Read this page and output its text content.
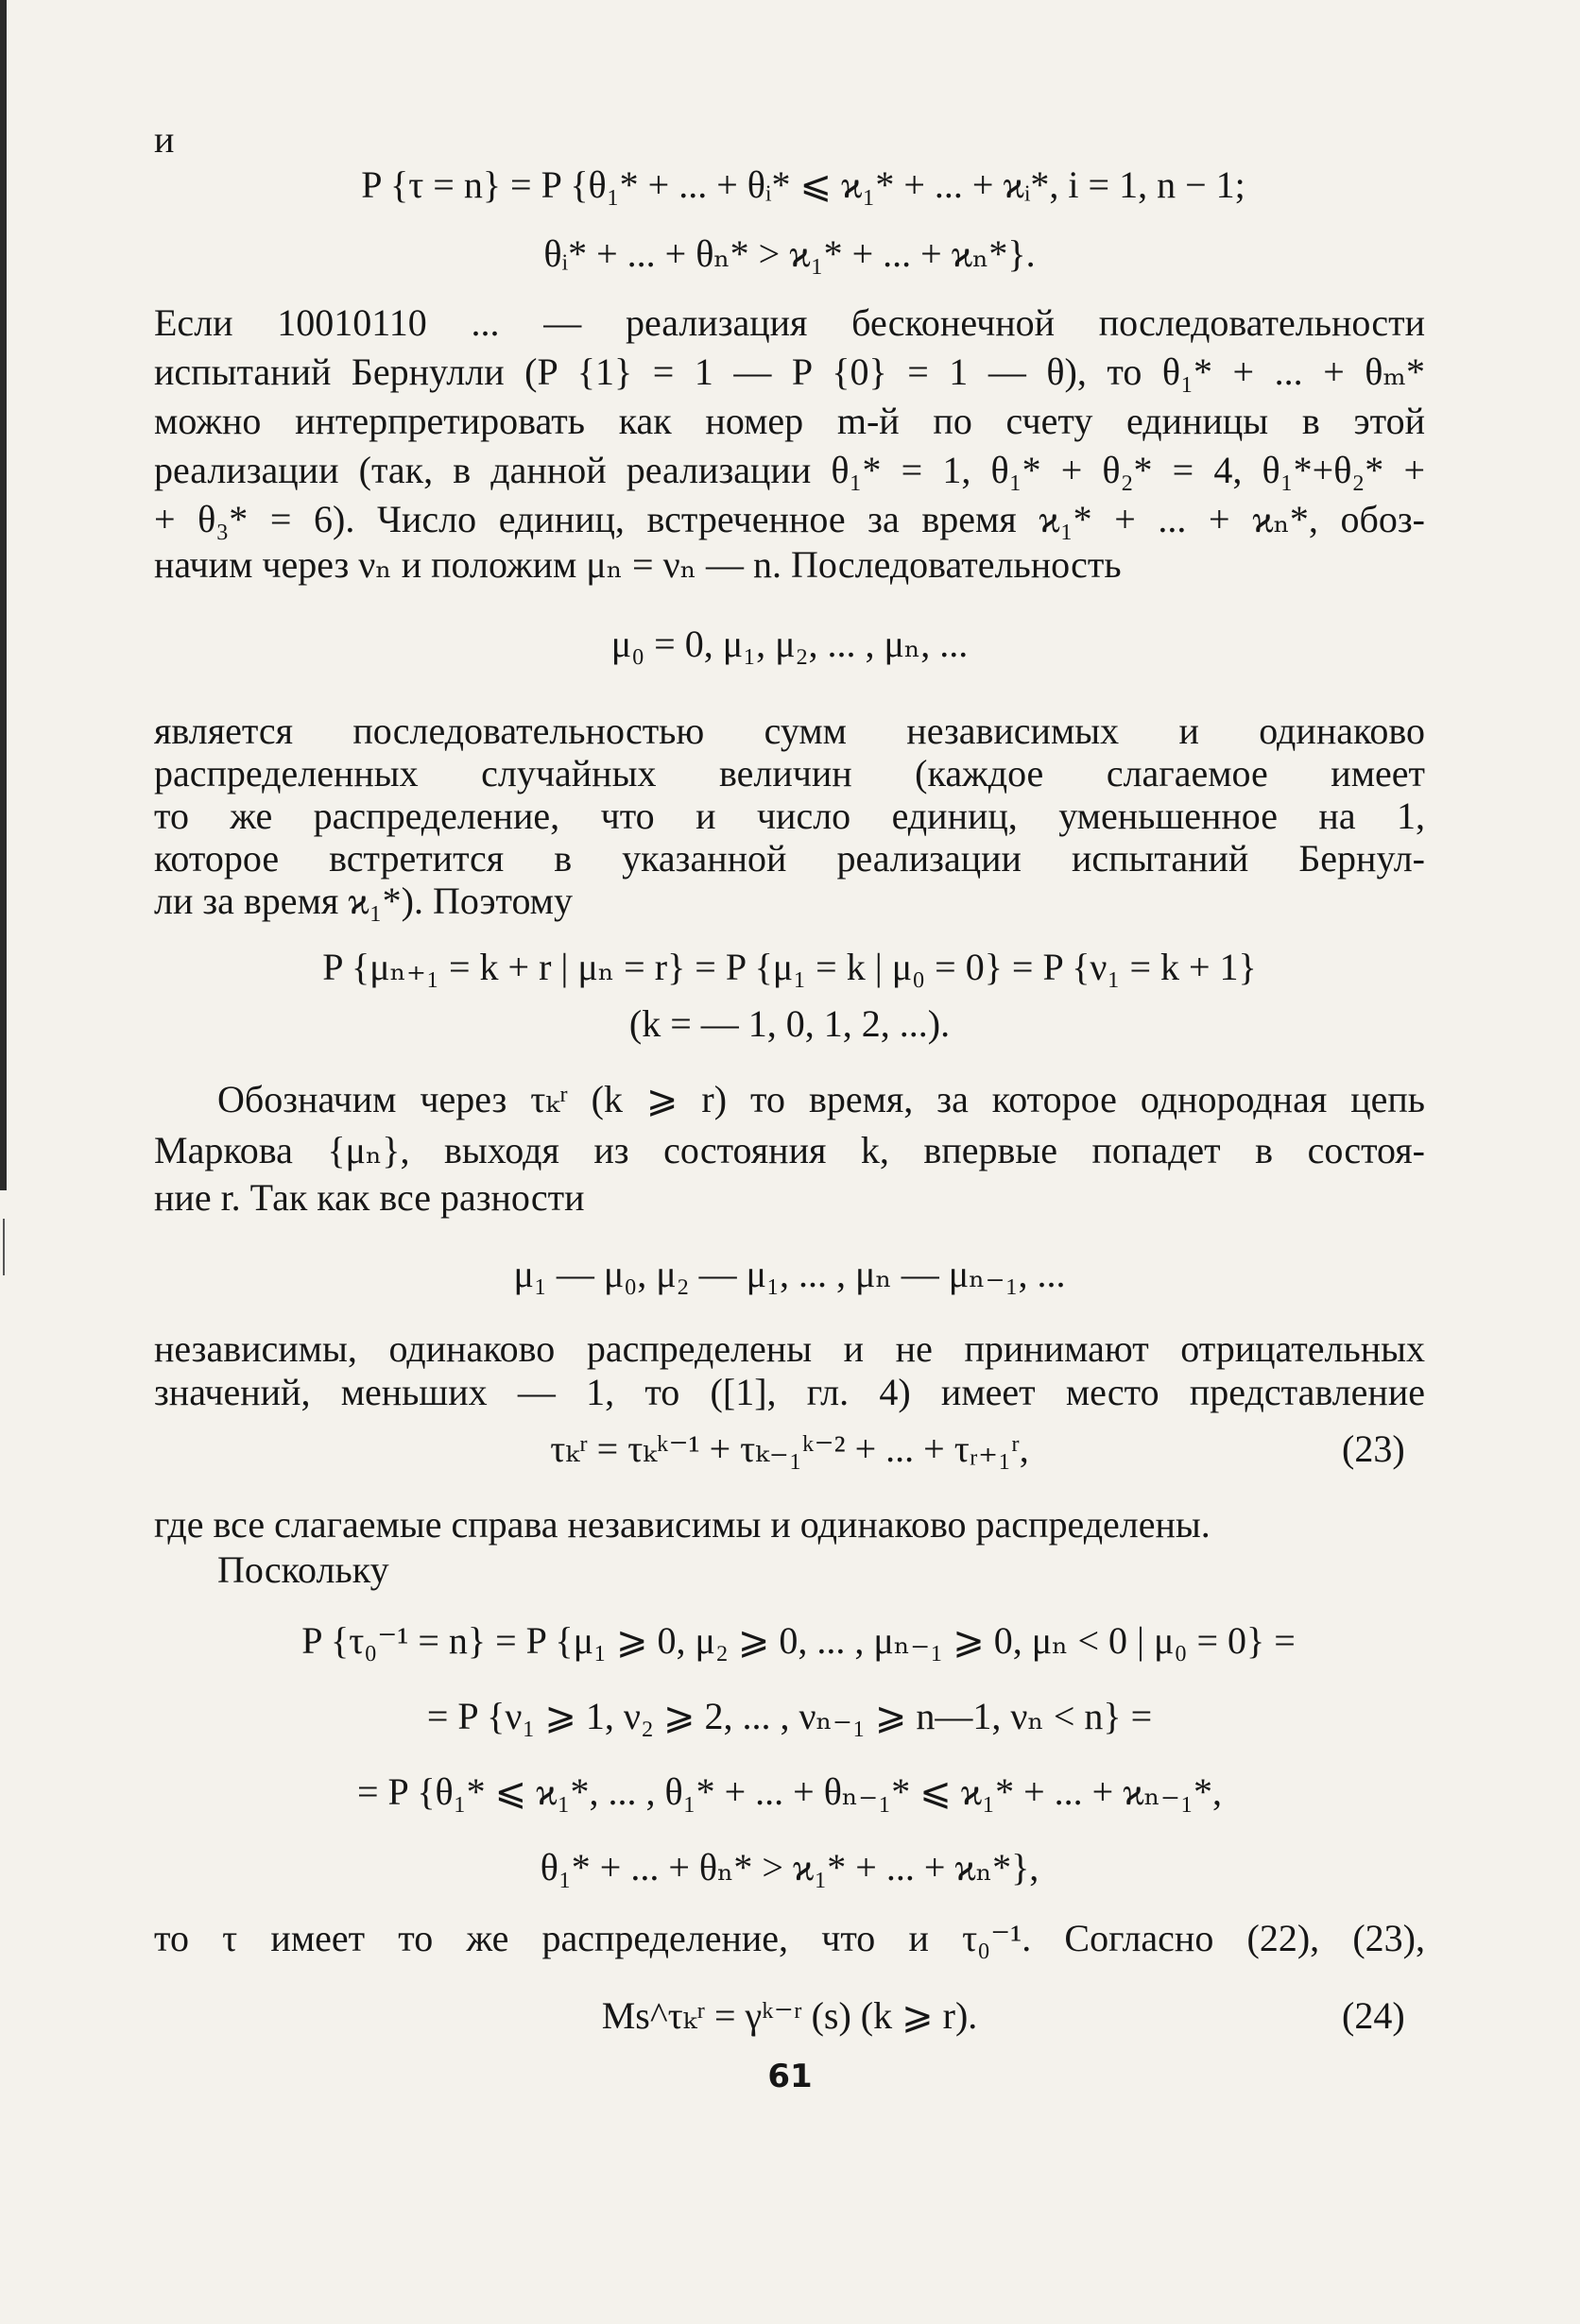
и
P {τ = n} = P {θ₁* + ... + θᵢ* ⩽ ϰ₁* + ... + ϰᵢ*, i = 1, n − 1;
θᵢ* + ... + θₙ* > ϰ₁* + ... + ϰₙ*}.
Если 10010110 ... — реализация бесконечной последовательности
испытаний Бернулли (P {1} = 1 — P {0} = 1 — θ), то θ₁* + ... + θₘ*
можно интерпретировать как номер m-й по счету единицы в этой
реализации (так, в данной реализации θ₁* = 1, θ₁* + θ₂* = 4, θ₁*+θ₂* +
+ θ₃* = 6). Число единиц, встреченное за время ϰ₁* + ... + ϰₙ*, обоз-
начим через νₙ и положим μₙ = νₙ — n. Последовательность
μ₀ = 0, μ₁, μ₂, ... , μₙ, ...
является последовательностью сумм независимых и одинаково
распределенных случайных величин (каждое слагаемое имеет
то же распределение, что и число единиц, уменьшенное на 1,
которое встретится в указанной реализации испытаний Бернул-
ли за время ϰ₁*). Поэтому
P {μₙ₊₁ = k + r | μₙ = r} = P {μ₁ = k | μ₀ = 0} = P {ν₁ = k + 1}
(k = — 1, 0, 1, 2, ...).
Обозначим через τₖʳ (k ⩾ r) то время, за которое однородная цепь
Маркова {μₙ}, выходя из состояния k, впервые попадет в состоя-
ние r. Так как все разности
μ₁ — μ₀, μ₂ — μ₁, ... , μₙ — μₙ₋₁, ...
независимы, одинаково распределены и не принимают отрицательных
значений, меньших — 1, то ([1], гл. 4) имеет место представление
τₖʳ = τₖᵏ⁻¹ + τₖ₋₁ᵏ⁻² + ... + τᵣ₊₁ʳ,	(23)
где все слагаемые справа независимы и одинаково распределены.
Поскольку
P {τ₀⁻¹ = n} = P {μ₁ ⩾ 0, μ₂ ⩾ 0, ... , μₙ₋₁ ⩾ 0, μₙ < 0 | μ₀ = 0} =
= P {ν₁ ⩾ 1, ν₂ ⩾ 2, ... , νₙ₋₁ ⩾ n—1, νₙ < n} =
= P {θ₁* ⩽ ϰ₁*, ... , θ₁* + ... + θₙ₋₁* ⩽ ϰ₁* + ... + ϰₙ₋₁*,
θ₁* + ... + θₙ* > ϰ₁* + ... + ϰₙ*},
то τ имеет то же распределение, что и τ₀⁻¹. Согласно (22), (23),
Ms^τₖʳ = γᵏ⁻ʳ (s) (k ⩾ r).	(24)
61
